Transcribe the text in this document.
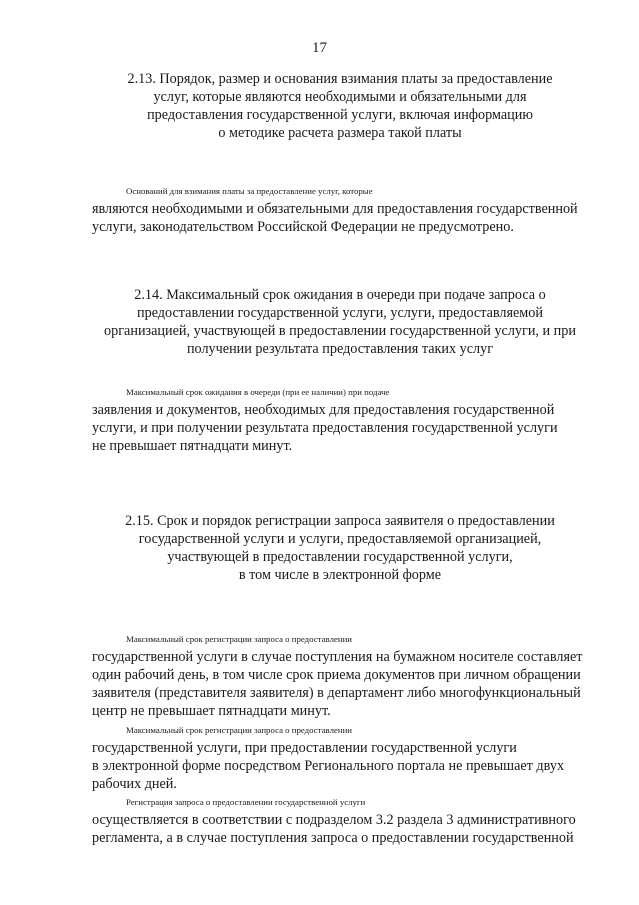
17
2.13. Порядок, размер и основания взимания платы за предоставление
услуг, которые являются необходимыми и обязательными для
предоставления государственной услуги, включая информацию
о методике расчета размера такой платы
Оснований для взимания платы за предоставление услуг, которые
являются необходимыми и обязательными для предоставления государственной
услуги, законодательством Российской Федерации не предусмотрено.
2.14. Максимальный срок ожидания в очереди при подаче запроса о
предоставлении государственной услуги, услуги, предоставляемой
организацией, участвующей в предоставлении государственной услуги, и при
получении результата предоставления таких услуг
Максимальный срок ожидания в очереди (при ее наличии) при подаче
заявления и документов, необходимых для предоставления государственной
услуги, и при получении результата предоставления государственной услуги
не превышает пятнадцати минут.
2.15. Срок и порядок регистрации запроса заявителя о предоставлении
государственной услуги и услуги, предоставляемой организацией,
участвующей в предоставлении государственной услуги,
в том числе в электронной форме
Максимальный срок регистрации запроса о предоставлении
государственной услуги в случае поступления на бумажном носителе составляет
один рабочий день, в том числе срок приема документов при личном обращении
заявителя (представителя заявителя) в департамент либо многофункциональный
центр не превышает пятнадцати минут.
Максимальный срок регистрации запроса о предоставлении
государственной услуги, при предоставлении государственной услуги
в электронной форме посредством Регионального портала не превышает двух
рабочих дней.
Регистрация запроса о предоставлении государственной услуги
осуществляется в соответствии с подразделом 3.2 раздела 3 административного
регламента, а в случае поступления запроса о предоставлении государственной
